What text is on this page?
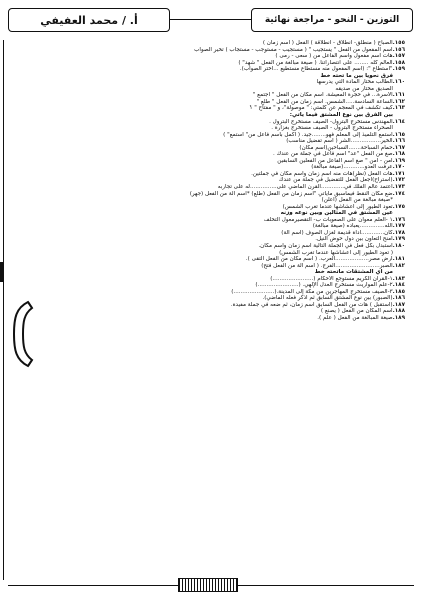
التوزين - النحو - مراجعة نهائية
أ. / محمد العفيفي
١٥٥.الصباح ( منطلق- انطلاق - انطلاقة ) الفعل ( اسم زمان )
١٥٦.اسم المفعول من الفعل " يستجيب " ( مستجيب - مستوجب - مستجاب ) تخير الصواب
١٥٧.هات اسم مفعول واسم الفاعل من ( سعى - رمى )
١٥٨.العالم كله ........ على انتصاراتنا. ( صيغة مبالغة من الفعل " شهد" )
١٥٩."استطاع ": (اسم المفعول منه مستطاع مستطيع ...اختر الصواب).
فرق نحوياً بين ما تحته خط
١٦٠.الطالب مختار المادة التي يدرسها
الصديق مختار من صديقه
١٦١.الأسرة... في حجرة المعيشة. اسم مكان من الفعل " اجتمع "
١٦٢.الساعة السادسة.....الشمس. اسم زمان من الفعل " طلع "
١٦٣.كيف تكشف في المعجم عن كلمتي: " موصولة"، و " مفتاح " ؟
بين الفرق بين نوع المشتق فيما يأتي:
١٦٤.المهندس مستخرج البترول- الصيف مستخرج البترول .
الصحراء مستخرج البترول - الصيف مستخرج بغزارة .
١٦٥.استمع التلميذ إلى المعلم فهو........جيد. ( أكمل باسم فاعل من" استمع" )
١٦٦.الخير.................الشر ( اسم تفضيل مناسب)
١٦٧.حمام السباحة.......السباحين(اسم مكان)
١٦٨.صغ من الفعل "عد" اسم فاعل في جملة من عندك .
١٦٩.آمن - أمن " صغ اسم الفاعل من الفعلين السابقين
١٧٠.عرفت العدو............(صيغة مبالغة)
١٧١.هات الفعل (نظر)هات منه اسم زمان واسم مكان في جملتين.
١٧٢.(استراح)اجعل الفعل للتفضيل في جملة من عندك
١٧٣.اعتمد عالم الفلك في.............القرن الماضي على...............له على تجاربه
١٧٤.ضع مكان النقط فيماسبق مايأتي "اسم زمان من الفعل (طلع) *اسم آلة من الفعل (جهر)
*صيغة مبالغة من الفعل (أعلن)
١٧٥.تعود الطيور إلى أعشاشها عندما تغرب الشمس)
عين المشتق في المثالين وبين نوعه وزنه
١٧٦.١ -العلم معوان على الصعوبات ب- التقصيرمعول التخلف
١٧٧.الله..............يعباده (صيغة مبالغة)
١٧٨.كان.............أداة قديمة لغزل الصوف (اسم آلة)
١٧٩.امنح التعاون بين دول حوض النيل.
١٨٠.استبدل بكل فعل في الجملة التالية اسم زمان واسم مكان.
( تعود الطيور إلى أعشاشها عندما تغرب الشمس)
١٨١.أرض مصر...................العرب. ( اسم مكان من الفعل التقى ).
١٨٢.الصبر.........................الفرج. ( اسم آلة من الفعل فتح)
من أي المشتقات ماتحته خط
١٨٣.١-القرآن الكريم مستوجع الاحكام (.......................)
١٨٤.٢-علم المواريث مستخرج العدل الإلهي. (.......................)
١٨٥.٣-الصيف مستخرج المهاجرين من مكة إلى المدينة.(.......................)
١٨٦.(الصبور) بين نوع المشتق السابق ثم اذكر فعله الماضي).
١٨٧.(استقبل ) هات من الفعل السابق اسم زمان، ثم ضعه في جملة مفيدة.
١٨٨.اسم المكان من الفعل ( يصنع )
١٨٩.صيغة المبالغة من الفعل ( علم ).
